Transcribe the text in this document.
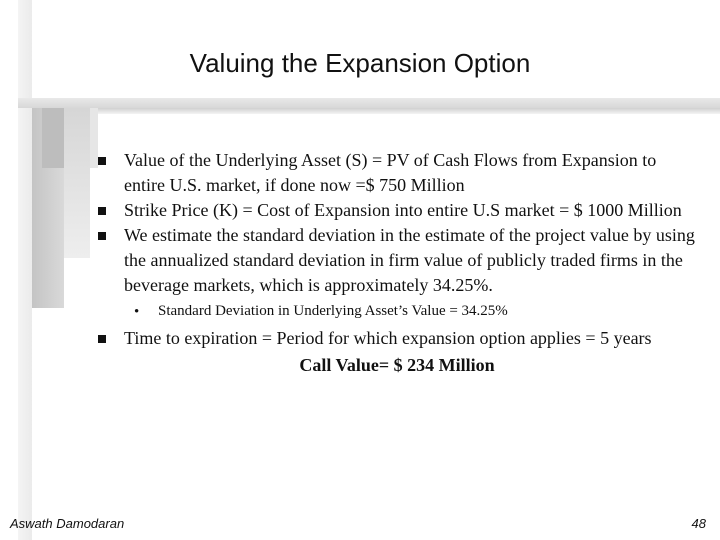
Valuing the Expansion Option
Value of the Underlying Asset (S) = PV of Cash Flows from Expansion to entire U.S. market, if done now =$ 750 Million
Strike Price (K) = Cost of Expansion into entire U.S market = $ 1000 Million
We estimate the standard deviation in the estimate of the project value by using the annualized standard deviation in firm value of publicly traded firms in the beverage markets, which is approximately 34.25%.
• Standard Deviation in Underlying Asset’s Value = 34.25%
Time to expiration = Period for which expansion option applies = 5 years
Call Value= $ 234 Million
Aswath Damodaran	48
